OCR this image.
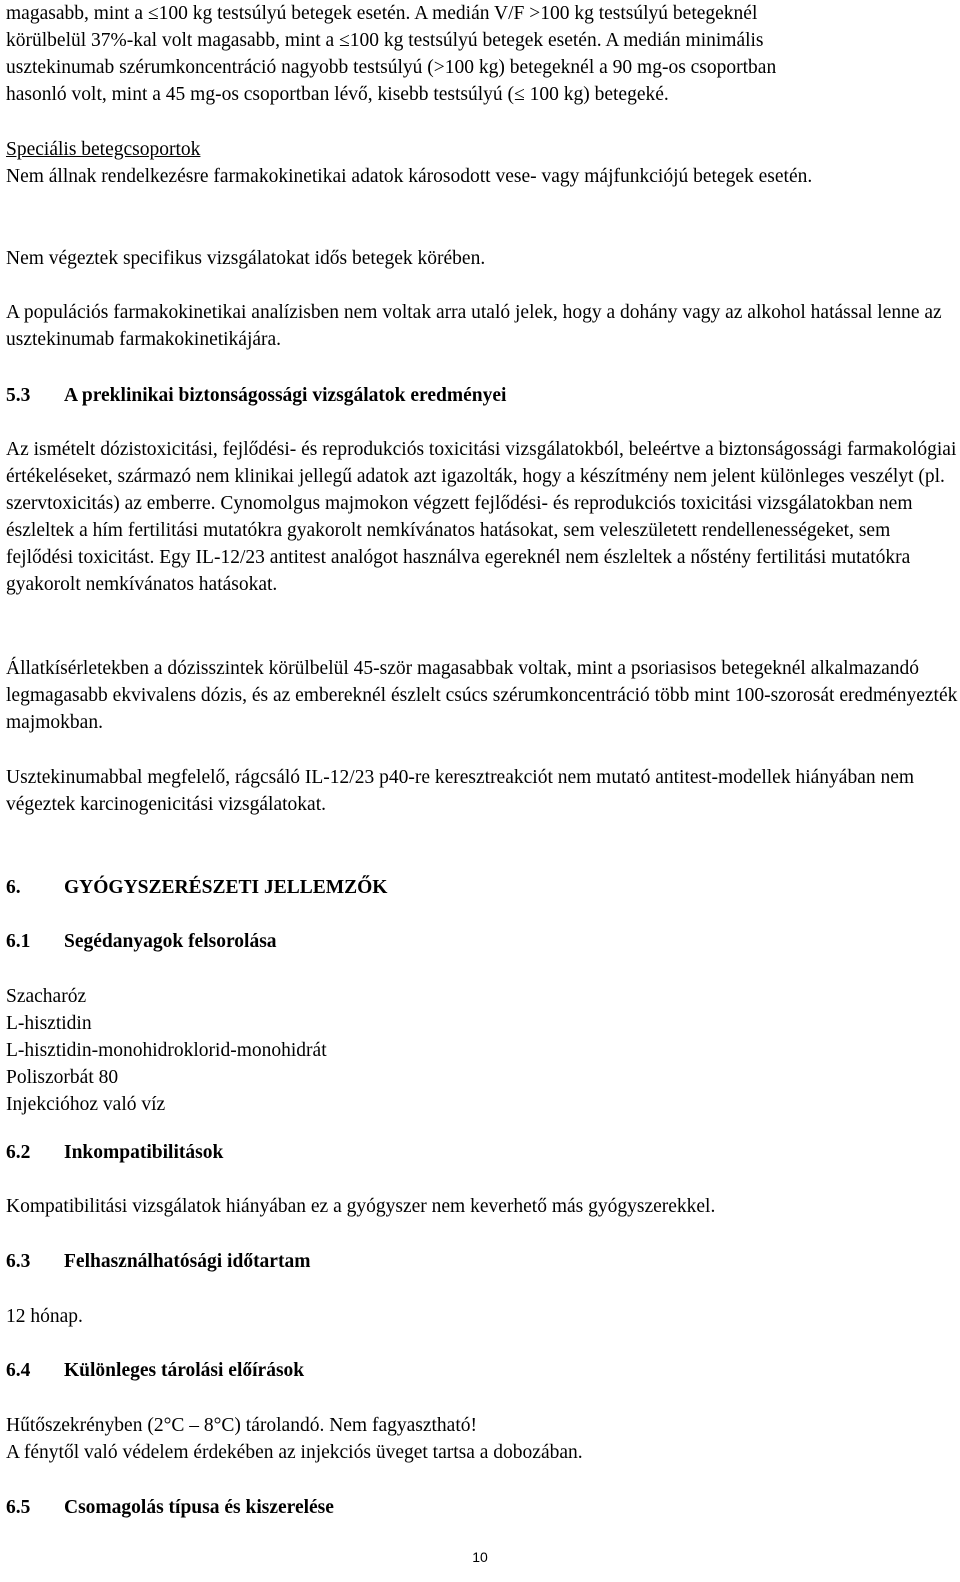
magasabb, mint a ≤100 kg testsúlyú betegek esetén. A medián V/F >100 kg testsúlyú betegeknél

körülbelül 37%-kal volt magasabb, mint a ≤100 kg testsúlyú betegek esetén. A medián minimális

usztekinumab szérumkoncentráció nagyobb testsúlyú (>100 kg) betegeknél a 90 mg-os csoportban

hasonló volt, mint a 45 mg-os csoportban lévő, kisebb testsúlyú (≤ 100 kg) betegeké.

Speciális betegcsoportok

Nem állnak rendelkezésre farmakokinetikai adatok károsodott vese- vagy májfunkciójú betegek esetén.

Nem végeztek specifikus vizsgálatokat idős betegek körében.

A populációs farmakokinetikai analízisben nem voltak arra utaló jelek, hogy a dohány vagy az alkohol hatással lenne az usztekinumab farmakokinetikájára.

5.3	A preklinikai biztonságossági vizsgálatok eredményei

Az ismételt dózistoxicitási, fejlődési- és reprodukciós toxicitási vizsgálatokból, beleértve a biztonságossági farmakológiai értékeléseket, származó nem klinikai jellegű adatok azt igazolták, hogy a készítmény nem jelent különleges veszélyt (pl. szervtoxicitás) az emberre. Cynomolgus majmokon végzett fejlődési- és reprodukciós toxicitási vizsgálatokban nem észleltek a hím fertilitási mutatókra gyakorolt nemkívánatos hatásokat, sem veleszületett rendellenességeket, sem fejlődési toxicitást. Egy IL-12/23 antitest analógot használva egereknél nem észleltek a nőstény fertilitási mutatókra gyakorolt nemkívánatos hatásokat.

Állatkísérletekben a dózisszintek körülbelül 45-ször magasabbak voltak, mint a psoriasisos betegeknél alkalmazandó legmagasabb ekvivalens dózis, és az embereknél észlelt csúcs szérumkoncentráció több mint 100-szorosát eredményezték majmokban.

Usztekinumabbal megfelelő, rágcsáló IL-12/23 p40-re keresztreakciót nem mutató antitest-modellek hiányában nem végeztek karcinogenicitási vizsgálatokat.

6.	GYÓGYSZERÉSZETI JELLEMZŐK
6.1	Segédanyagok felsorolása

Szacharóz

L-hisztidin

L-hisztidin-monohidroklorid-monohidrát

Poliszorbát 80

Injekcióhoz való víz

6.2	Inkompatibilitások

Kompatibilitási vizsgálatok hiányában ez a gyógyszer nem keverhető más gyógyszerekkel.

6.3	Felhasználhatósági időtartam

12 hónap.

6.4	Különleges tárolási előírások

Hűtőszekrényben (2°C – 8°C) tárolandó. Nem fagyasztható!

A fénytől való védelem érdekében az injekciós üveget tartsa a dobozában.

6.5	Csomagolás típusa és kiszerelése
10
